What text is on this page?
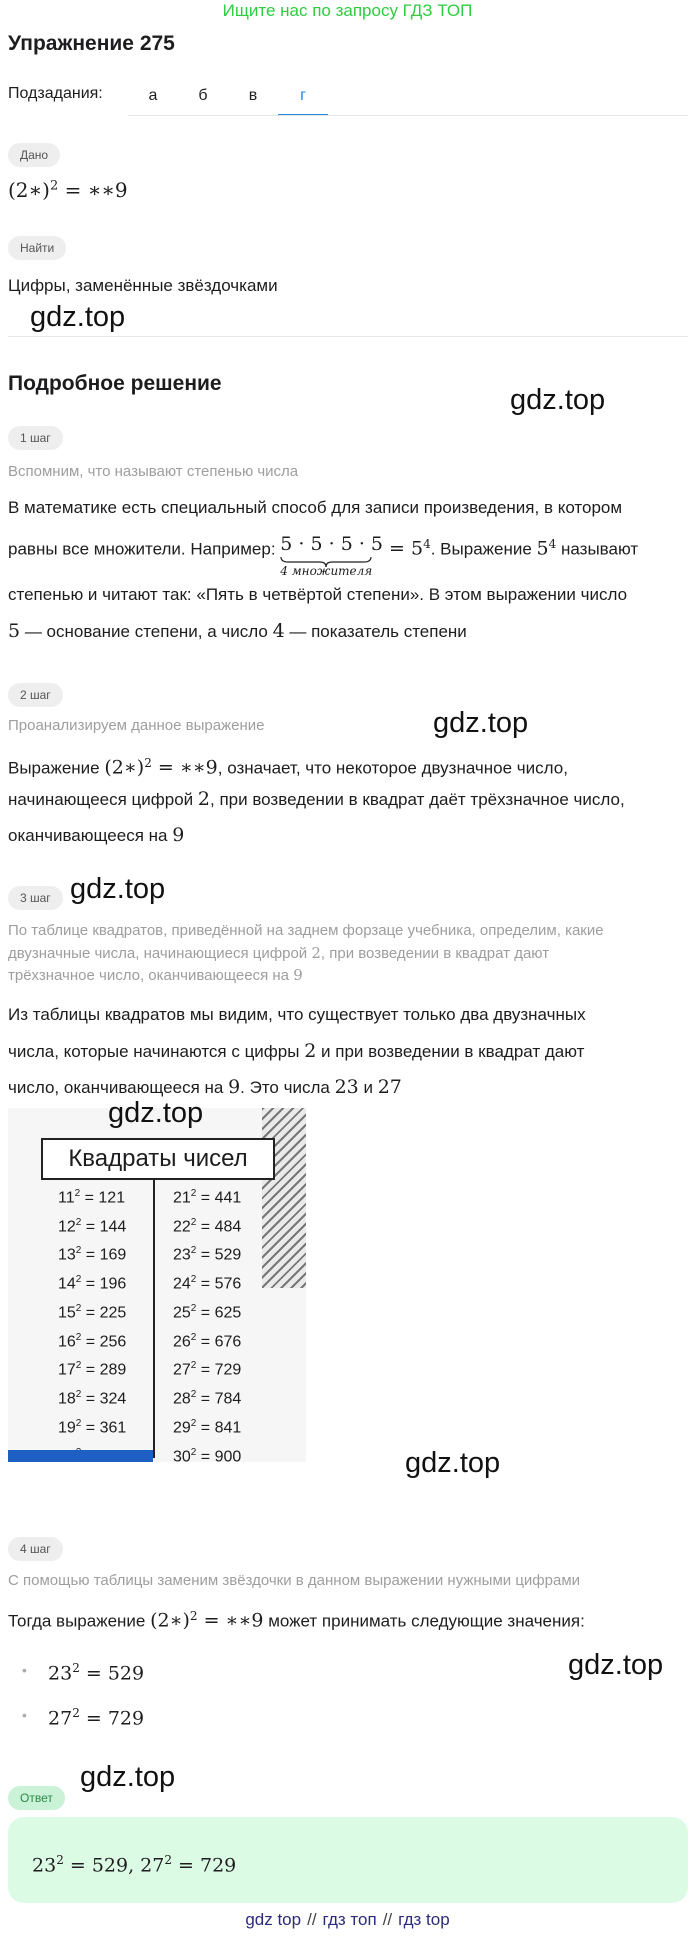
Ищите нас по запросу ГДЗ ТОП
Упражнение 275
Подзадания:	а	б	в	г
Дано
(2∗)$^2$ = ∗∗9
Найти
Цифры, заменённые звёздочками
gdz.top
Подробное решение
gdz.top
1 шаг
Вспомним, что называют степенью числа
В математике есть специальный способ для записи произведения, в котором
равны все множители. Например: 5 · 5 · 5 · 5
4 множителя
= $5^4$. Выражение $5^4$ называют
степенью и читают так: «Пять в четвёртой степени». В этом выражении число
5 — основание степени, а число 4 — показатель степени
2 шаг
Проанализируем данное выражение	gdz.top
Выражение (2∗)$^2$ = ∗∗9, означает, что некоторое двузначное число,
начинающееся цифрой 2, при возведении в квадрат даёт трёхзначное число,
оканчивающееся на 9
3 шаг gdz.top
По таблице квадратов, приведённой на заднем форзаце учебника, определим, какие
двузначные числа, начинающиеся цифрой 2, при возведении в квадрат дают
трёхзначное число, оканчивающееся на 9
Из таблицы квадратов мы видим, что существует только два двузначных
числа, которые начинаются с цифры 2 и при возведении в квадрат дают
число, оканчивающееся на 9. Это числа 23 и 27
Квадраты чисел
$11^2 = 121$
$12^2 = 144$
$13^2 = 169$
$14^2 = 196$
$15^2 = 225$
$16^2 = 256$
$17^2 = 289$
$18^2 = 324$
$19^2 = 361$
$21^2 = 441$
$22^2 = 484$
$23^2 = 529$
$24^2 = 576$
$25^2 = 625$
$26^2 = 676$
$27^2 = 729$
$28^2 = 784$
$29^2 = 841$
$30^2 = 900$
gdz.top
gdz.top
4 шаг
С помощью таблицы заменим звёздочки в данном выражении нужными цифрами
Тогда выражение (2∗)$^2$ = ∗∗9 может принимать следующие значения:
• $23^2 = 529$	gdz.top
• $27^2 = 729$
Ответ
gdz.top
$23^2 = 529$, $27^2 = 729$
gdz top // гдз топ // гдз top
